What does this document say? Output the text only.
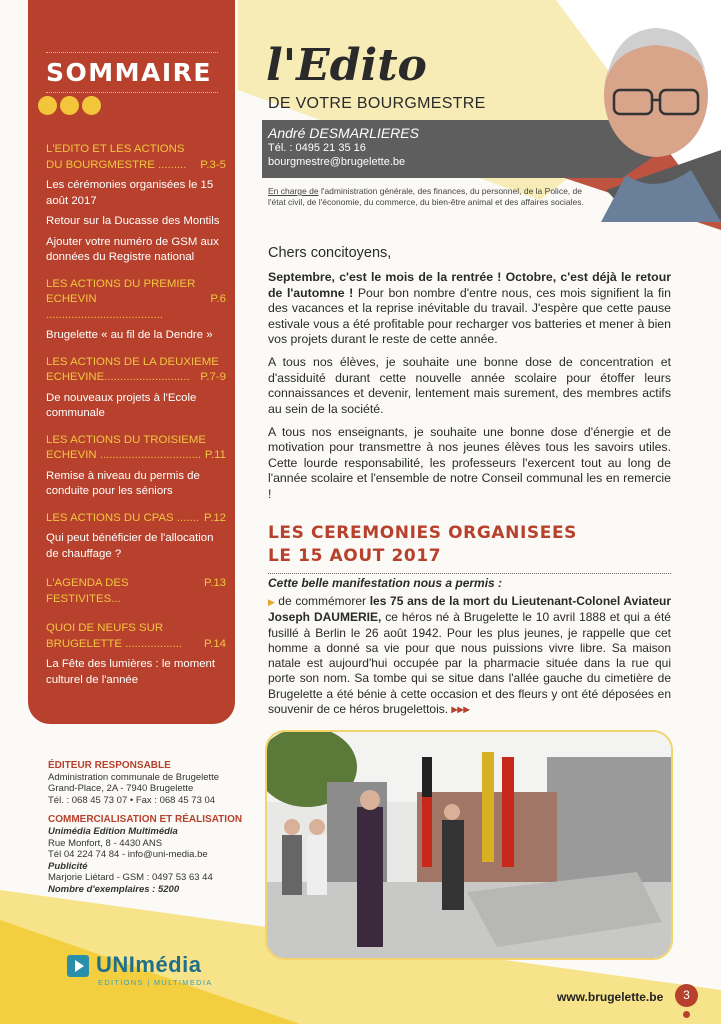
SOMMAIRE
L'EDITO ET LES ACTIONS
DU BOURGMESTRE ......... P.3-5
Les cérémonies organisées le 15 août 2017
Retour sur la Ducasse des Montils
Ajouter votre numéro de GSM aux données du Registre national
LES ACTIONS DU PREMIER
ECHEVIN .....................................
P.6
Brugelette « au fil de la Dendre »
LES ACTIONS DE LA DEUXIEME
ECHEVINE........................... P.7-9
De nouveaux projets à l'Ecole communale
LES ACTIONS DU TROISIEME
ECHEVIN ................................ P.11
Remise à niveau du permis de conduite pour les séniors
LES ACTIONS DU CPAS ....... P.12
Qui peut bénéficier de l'allocation de chauffage ?
L'AGENDA DES FESTIVITES...
P.13
QUOI DE NEUFS SUR
BRUGELETTE .................. P.14
La Fête des lumières : le moment culturel de l'année
ÉDITEUR RESPONSABLE
Administration communale de Brugelette
Grand-Place, 2A - 7940 Brugelette
Tél. : 068 45 73 07 • Fax : 068 45 73 04
COMMERCIALISATION ET RÉALISATION
Unimédia Edition Multimédia
Rue Monfort, 8 - 4430 ANS
Tél 04 224 74 84 - info@uni-media.be
Publicité
Marjorie Liétard - GSM : 0497 53 63 44
Nombre d'exemplaires : 5200
UNImédia
EDITIONS | MULTIMEDIA
l'Edito
DE VOTRE BOURGMESTRE
André DESMARLIERES
Tél. : 0495 21 35 16
bourgmestre@brugelette.be
En charge de l'administration générale, des finances, du personnel, de la Police, de l'état civil, de l'économie, du commerce, du bien-être animal et des affaires sociales.

Chers concitoyens,

Septembre, c'est le mois de la rentrée ! Octobre, c'est déjà le retour de l'automne ! Pour bon nombre d'entre nous, ces mois signifient la fin des vacances et la reprise inévitable du travail. J'espère que cette pause estivale vous a été profitable pour recharger vos batteries et mener à bien vos projets durant le reste de cette année.

A tous nos élèves, je souhaite une bonne dose de concentration et d'assiduité durant cette nouvelle année scolaire pour étoffer leurs connaissances et devenir, lentement mais surement, des membres actifs au sein de la société.

A tous nos enseignants, je souhaite une bonne dose d'énergie et de motivation pour transmettre à nos jeunes élèves tous les savoirs utiles. Cette lourde responsabilité, les professeurs l'exercent tout au long de l'année scolaire et l'ensemble de notre Conseil communal les en remercie !

LES CEREMONIES ORGANISEES
LE 15 AOUT 2017
Cette belle manifestation nous a permis :
▶ de commémorer les 75 ans de la mort du Lieutenant-Colonel Aviateur Joseph DAUMERIE, ce héros né à Brugelette le 10 avril 1888 et qui a été fusillé à Berlin le 26 août 1942. Pour les plus jeunes, je rappelle que cet homme a donné sa vie pour que nous puissions vivre libre. Sa maison natale est aujourd'hui occupée par la pharmacie située dans la rue qui porte son nom. Sa tombe qui se situe dans l'allée gauche du cimetière de Brugelette a été bénie à cette occasion et des fleurs y ont été déposées en souvenir de ce héros brugelettois. ▸▸▸
www.brugelette.be	3
